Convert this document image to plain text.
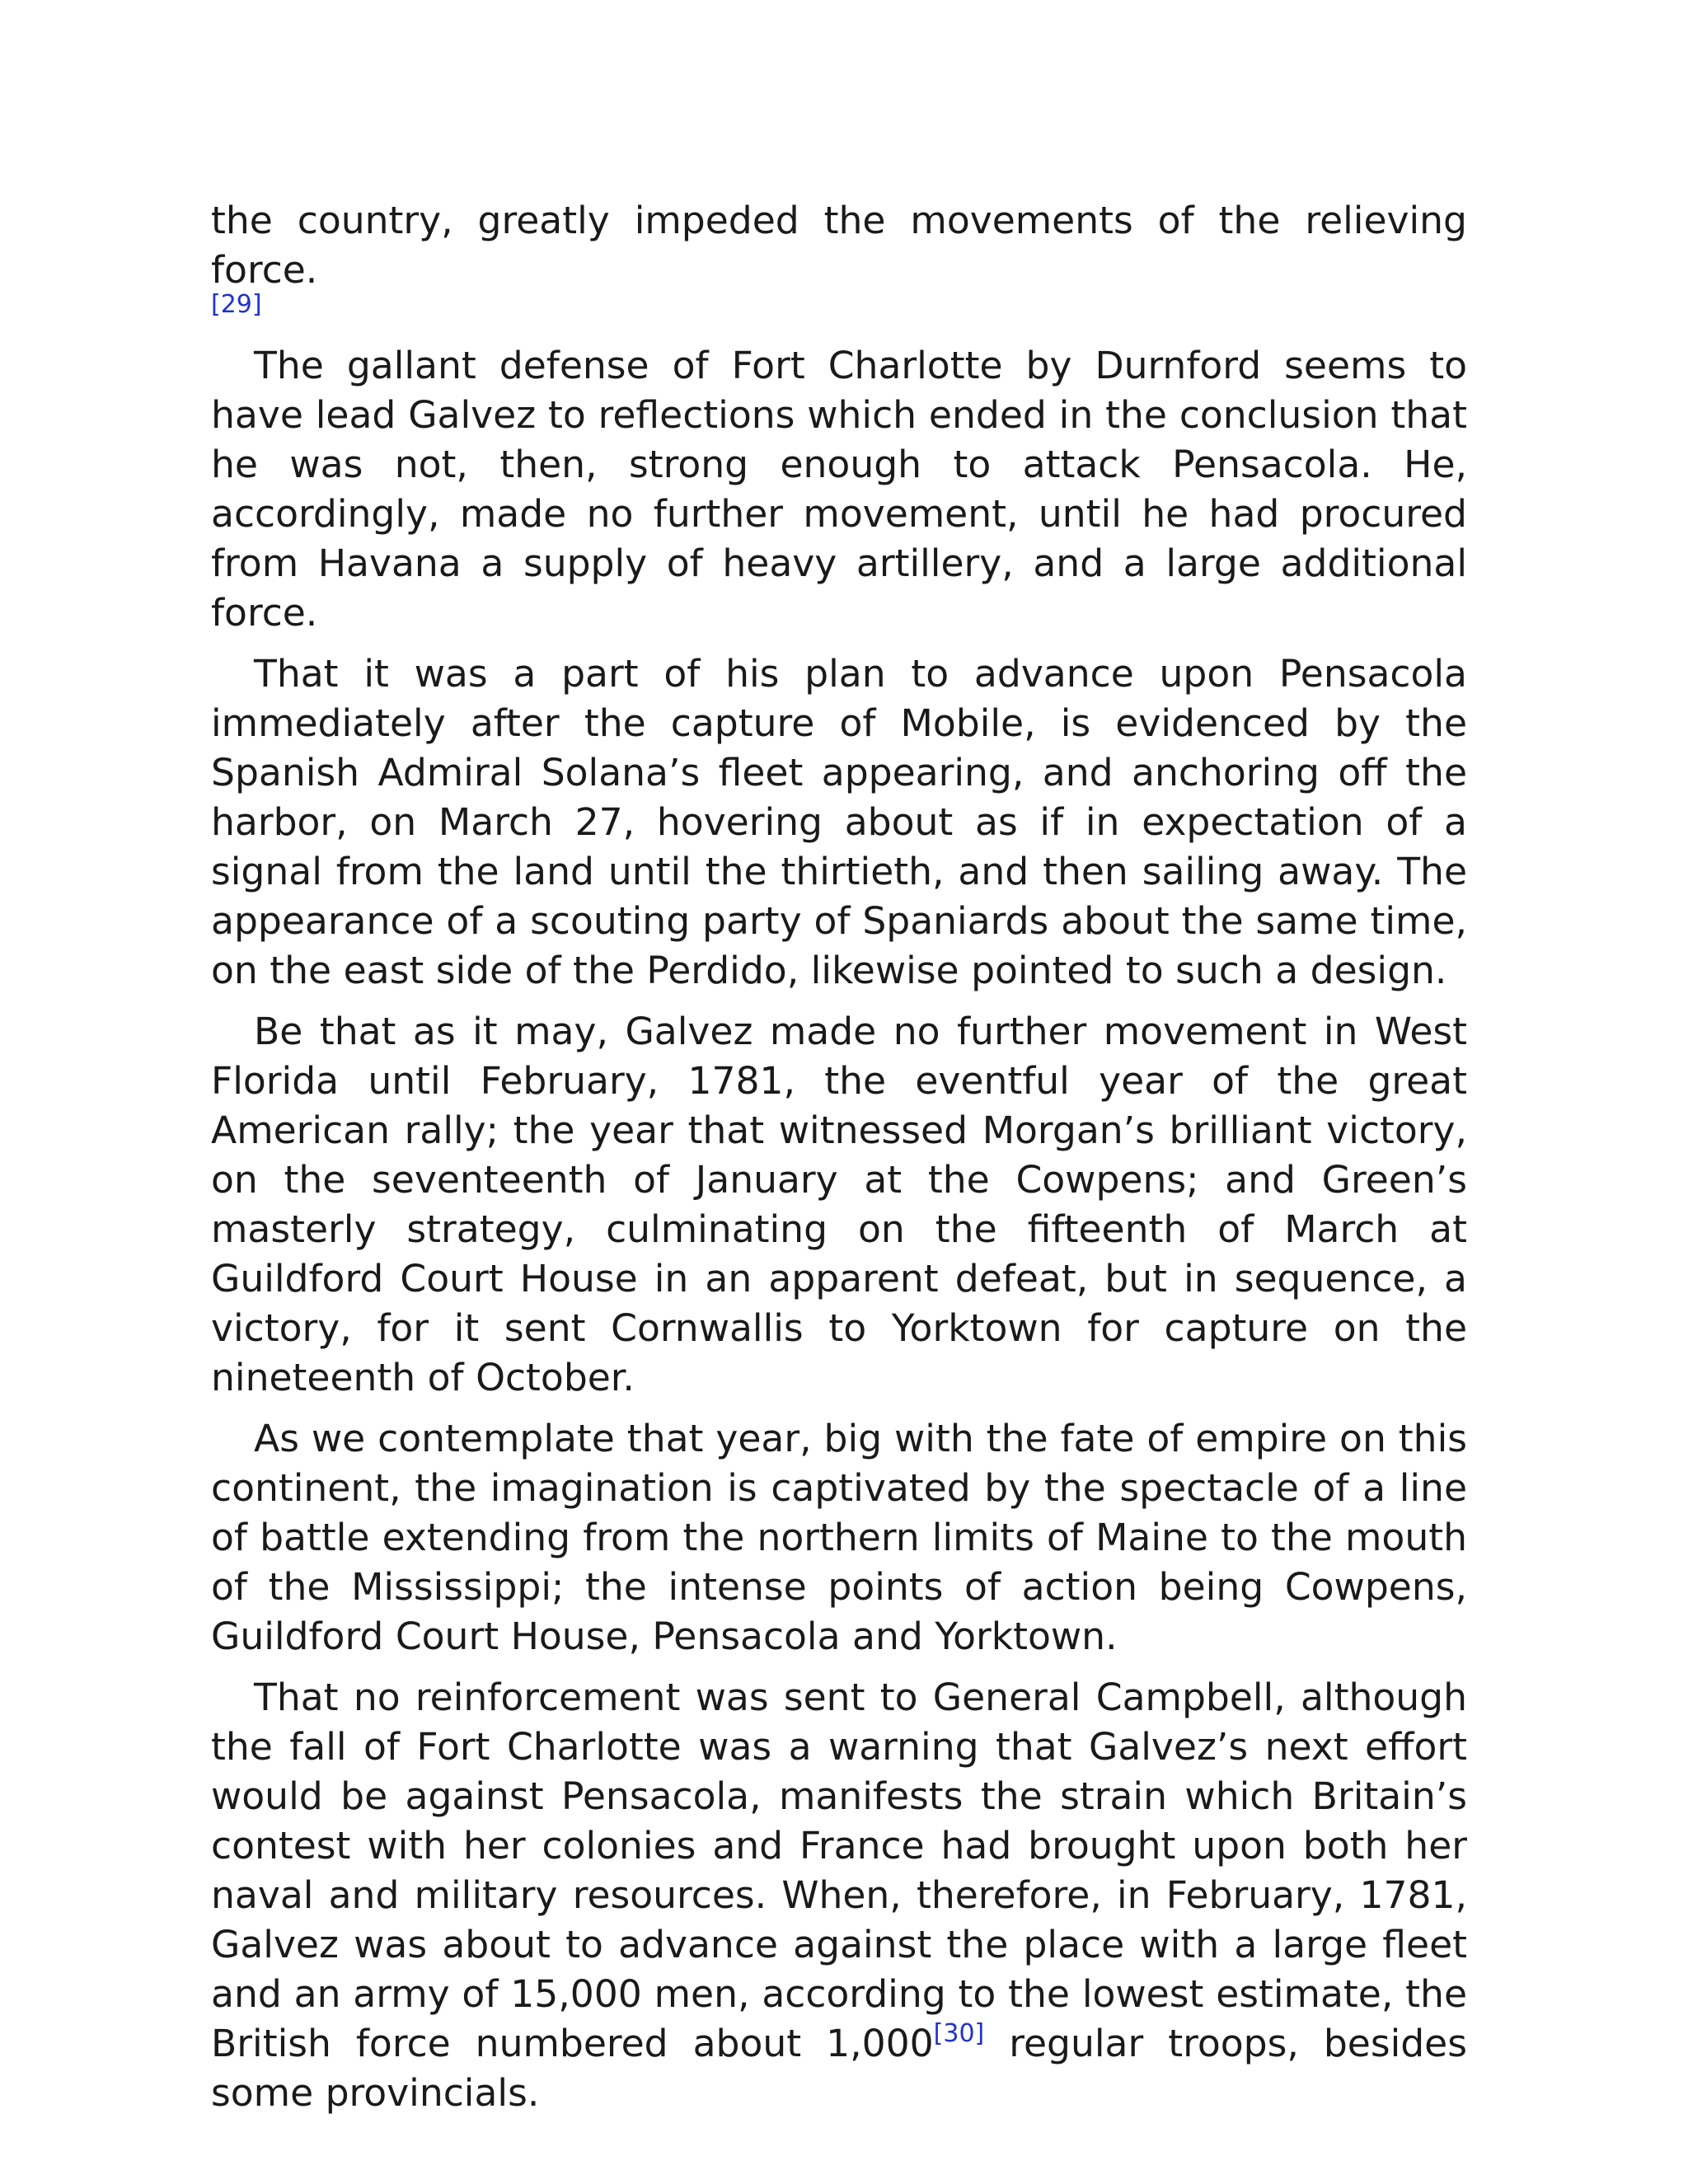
the country, greatly impeded the movements of the relieving force.
[29]

The gallant defense of Fort Charlotte by Durnford seems to have lead Galvez to reflections which ended in the conclusion that he was not, then, strong enough to attack Pensacola. He, accordingly, made no further movement, until he had procured from Havana a supply of heavy artillery, and a large additional force.

That it was a part of his plan to advance upon Pensacola immediately after the capture of Mobile, is evidenced by the Spanish Admiral Solana’s fleet appearing, and anchoring off the harbor, on March 27, hovering about as if in expectation of a signal from the land until the thirtieth, and then sailing away. The appearance of a scouting party of Spaniards about the same time, on the east side of the Perdido, likewise pointed to such a design.

Be that as it may, Galvez made no further movement in West Florida until February, 1781, the eventful year of the great American rally; the year that witnessed Morgan’s brilliant victory, on the seventeenth of January at the Cowpens; and Green’s masterly strategy, culminating on the fifteenth of March at Guildford Court House in an apparent defeat, but in sequence, a victory, for it sent Cornwallis to Yorktown for capture on the nineteenth of October.

As we contemplate that year, big with the fate of empire on this continent, the imagination is captivated by the spectacle of a line of battle extending from the northern limits of Maine to the mouth of the Mississippi; the intense points of action being Cowpens, Guildford Court House, Pensacola and Yorktown.

That no reinforcement was sent to General Campbell, although the fall of Fort Charlotte was a warning that Galvez’s next effort would be against Pensacola, manifests the strain which Britain’s contest with her colonies and France had brought upon both her naval and military resources. When, therefore, in February, 1781, Galvez was about to advance against the place with a large fleet and an army of 15,000 men, according to the lowest estimate, the British force numbered about 1,000[30] regular troops, besides some provincials.
